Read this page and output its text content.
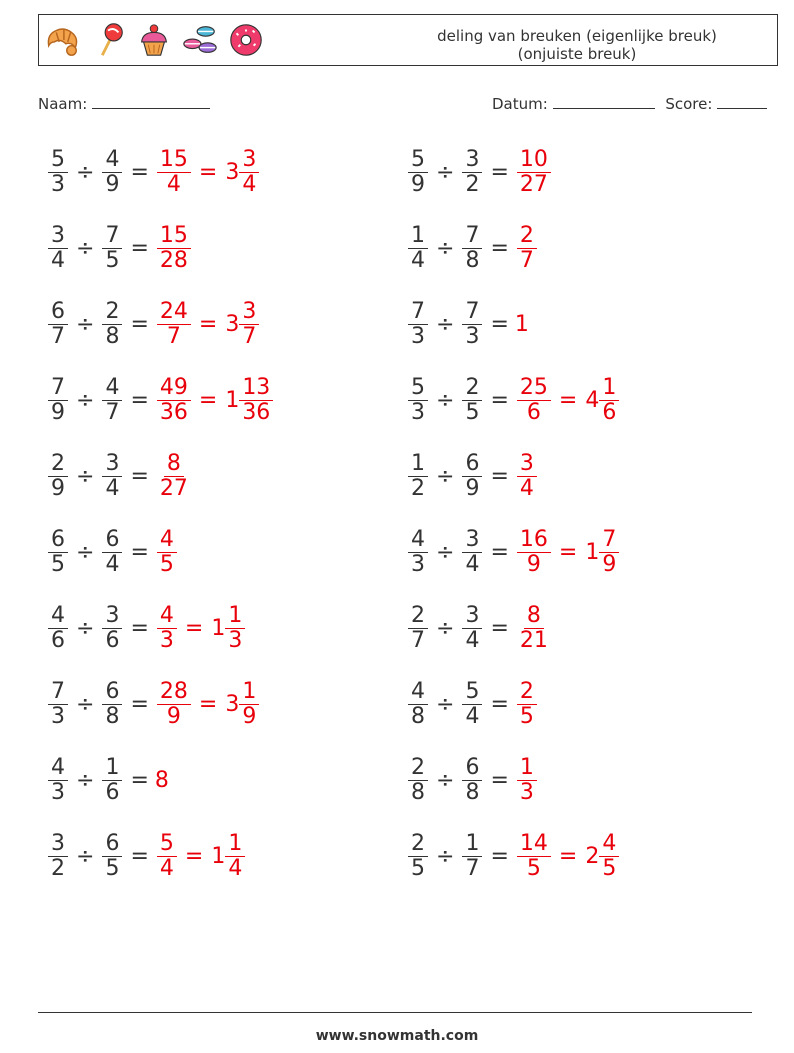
deling van breuken (eigenlijke breuk)
(onjuiste breuk)
Naam:	Datum:	Score:
$\frac{5}{3} \div \frac{4}{9} = \frac{15}{4} = 3 \frac{3}{4}$	$\frac{5}{9} \div \frac{3}{2} = \frac{10}{27}$
$\frac{3}{4} \div \frac{7}{5} = \frac{15}{28}$	$\frac{1}{4} \div \frac{7}{8} = \frac{2}{7}$
$\frac{6}{7} \div \frac{2}{8} = \frac{24}{7} = 3 \frac{3}{7}$	$\frac{7}{3} \div \frac{7}{3} = 1$
$\frac{7}{9} \div \frac{4}{7} = \frac{49}{36} = 1 \frac{13}{36}$	$\frac{5}{3} \div \frac{2}{5} = \frac{25}{6} = 4 \frac{1}{6}$
$\frac{2}{9} \div \frac{3}{4} = \frac{8}{27}$	$\frac{1}{2} \div \frac{6}{9} = \frac{3}{4}$
$\frac{6}{5} \div \frac{6}{4} = \frac{4}{5}$	$\frac{4}{3} \div \frac{3}{4} = \frac{16}{9} = 1 \frac{7}{9}$
$\frac{4}{6} \div \frac{3}{6} = \frac{4}{3} = 1 \frac{1}{3}$	$\frac{2}{7} \div \frac{3}{4} = \frac{8}{21}$
$\frac{7}{3} \div \frac{6}{8} = \frac{28}{9} = 3 \frac{1}{9}$	$\frac{4}{8} \div \frac{5}{4} = \frac{2}{5}$
$\frac{4}{3} \div \frac{1}{6} = 8$	$\frac{2}{8} \div \frac{6}{8} = \frac{1}{3}$
$\frac{3}{2} \div \frac{6}{5} = \frac{5}{4} = 1 \frac{1}{4}$	$\frac{2}{5} \div \frac{1}{7} = \frac{14}{5} = 2 \frac{4}{5}$
www.snowmath.com
